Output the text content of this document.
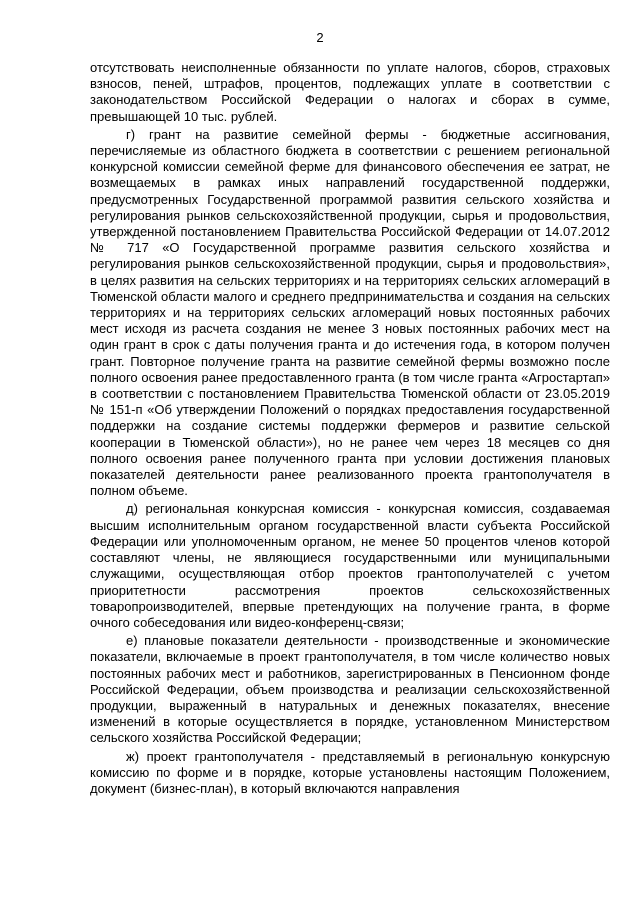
2

отсутствовать неисполненные обязанности по уплате налогов, сборов, страховых взносов, пеней, штрафов, процентов, подлежащих уплате в соответствии с законодательством Российской Федерации о налогах и сборах в сумме, превышающей 10 тыс. рублей.

г) грант на развитие семейной фермы - бюджетные ассигнования, перечисляемые из областного бюджета в соответствии с решением региональной конкурсной комиссии семейной ферме для финансового обеспечения ее затрат, не возмещаемых в рамках иных направлений государственной поддержки, предусмотренных Государственной программой развития сельского хозяйства и регулирования рынков сельскохозяйственной продукции, сырья и продовольствия, утвержденной постановлением Правительства Российской Федерации от 14.07.2012 № 717 «О Государственной программе развития сельского хозяйства и регулирования рынков сельскохозяйственной продукции, сырья и продовольствия», в целях развития на сельских территориях и на территориях сельских агломераций в Тюменской области малого и среднего предпринимательства и создания на сельских территориях и на территориях сельских агломераций новых постоянных рабочих мест исходя из расчета создания не менее 3 новых постоянных рабочих мест на один грант в срок с даты получения гранта и до истечения года, в котором получен грант. Повторное получение гранта на развитие семейной фермы возможно после полного освоения ранее предоставленного гранта (в том числе гранта «Агростартап» в соответствии с постановлением Правительства Тюменской области от 23.05.2019 № 151-п «Об утверждении Положений о порядках предоставления государственной поддержки на создание системы поддержки фермеров и развитие сельской кооперации в Тюменской области»), но не ранее чем через 18 месяцев со дня полного освоения ранее полученного гранта при условии достижения плановых показателей деятельности ранее реализованного проекта грантополучателя в полном объеме.

д) региональная конкурсная комиссия - конкурсная комиссия, создаваемая высшим исполнительным органом государственной власти субъекта Российской Федерации или уполномоченным органом, не менее 50 процентов членов которой составляют члены, не являющиеся государственными или муниципальными служащими, осуществляющая отбор проектов грантополучателей с учетом приоритетности рассмотрения проектов сельскохозяйственных товаропроизводителей, впервые претендующих на получение гранта, в форме очного собеседования или видео-конференц-связи;

е) плановые показатели деятельности - производственные и экономические показатели, включаемые в проект грантополучателя, в том числе количество новых постоянных рабочих мест и работников, зарегистрированных в Пенсионном фонде Российской Федерации, объем производства и реализации сельскохозяйственной продукции, выраженный в натуральных и денежных показателях, внесение изменений в которые осуществляется в порядке, установленном Министерством сельского хозяйства Российской Федерации;

ж) проект грантополучателя - представляемый в региональную конкурсную комиссию по форме и в порядке, которые установлены настоящим Положением, документ (бизнес-план), в который включаются направления
